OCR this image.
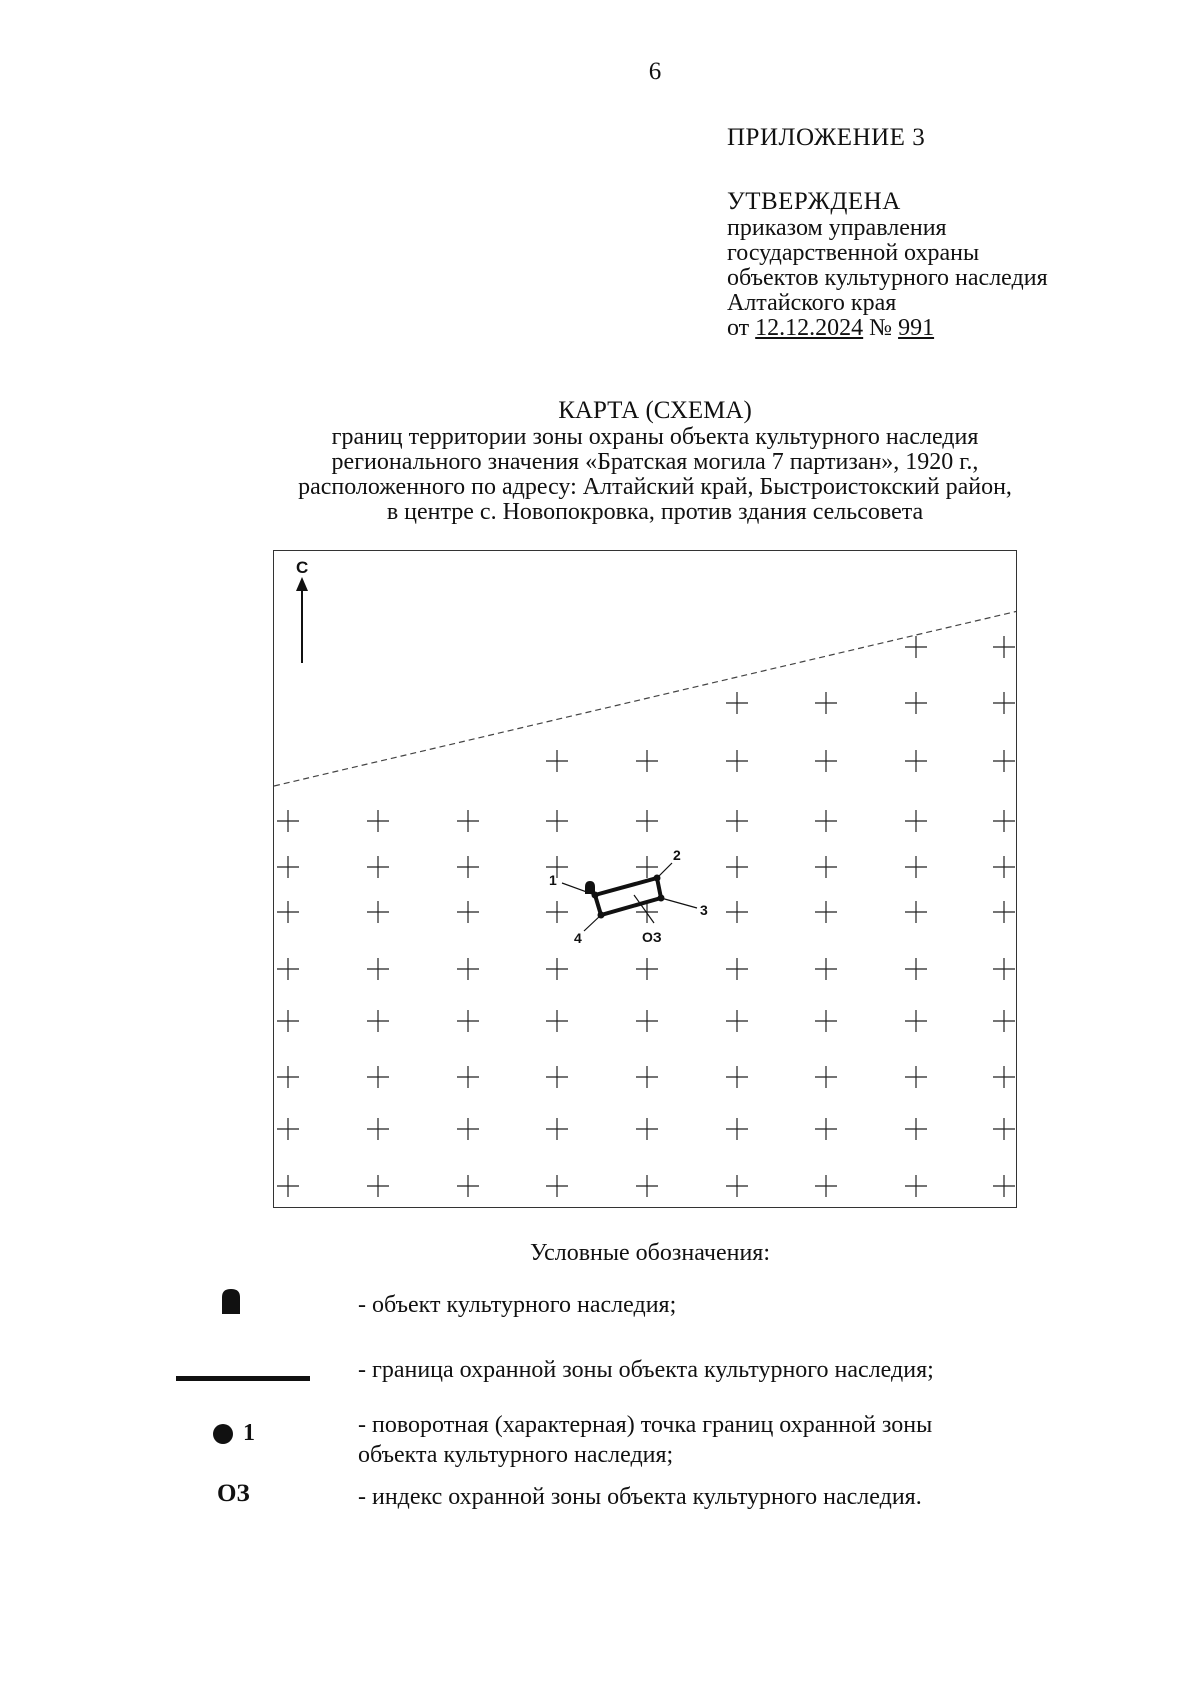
6
ПРИЛОЖЕНИЕ 3
УТВЕРЖДЕНА
приказом управления
государственной охраны
объектов культурного наследия
Алтайского края
от 12.12.2024 № 991
КАРТА (СХЕМА)
границ территории зоны охраны объекта культурного наследия
регионального значения «Братская могила 7 партизан», 1920 г.,
расположенного по адресу: Алтайский край, Быстроистокский район,
в центре с. Новопокровка, против здания сельсовета
С
1
2
3
4	ОЗ
Условные обозначения:
- объект культурного наследия;
- граница охранной зоны объекта культурного наследия;
1	- поворотная (характерная) точка границ охранной зоны
объекта культурного наследия;
ОЗ	- индекс охранной зоны объекта культурного наследия.
